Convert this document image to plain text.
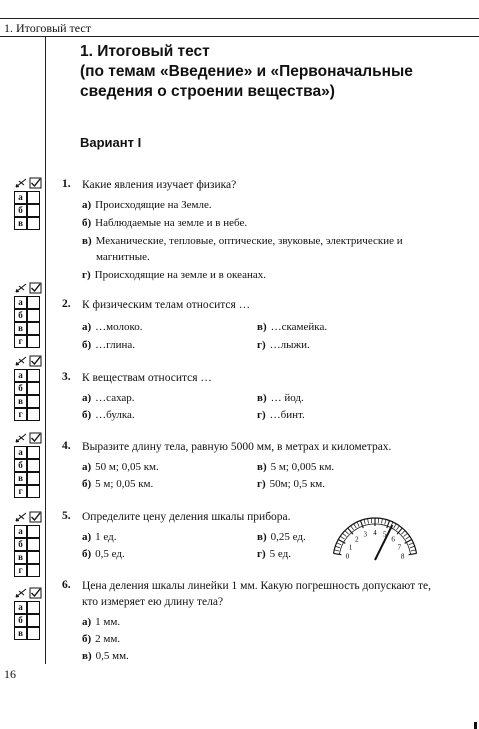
1. Итоговый тест
1. Итоговый тест
(по темам «Введение» и «Первоначальные
сведения о строении вещества»)
Вариант I
а
б
в
а
б
в
г
а
б
в
г
а
б
в
г
а
б
в
г
а
б
в
1. Какие явления изучает физика?
а) Происходящие на Земле.
б) Наблюдаемые на земле и в небе.
в) Механические, тепловые, оптические, звуковые, электрические и
магнитные.
г) Происходящие на земле и в океанах.
2. К физическим телам относится …
а) …молоко.	в) …скамейка.
б) …глина.	г) …лыжи.
3. К веществам относится …
а) …сахар.	в) … йод.
б) …булка.	г) …бинт.
4. Выразите длину тела, равную 5000 мм, в метрах и километрах.
а) 50 м; 0,05 км.	в) 5 м; 0,005 км.
б) 5 м; 0,05 км.	г) 50м; 0,5 км.
5. Определите цену деления шкалы прибора.
а) 1 ед.	в) 0,25 ед.
б) 0,5 ед.	г) 5 ед.	0
1
2
3 4 5
6
7
8
6. Цена деления шкалы линейки 1 мм. Какую погрешность допускают те,
кто измеряет ею длину тела?
а) 1 мм.
б) 2 мм.
в) 0,5 мм.
16
